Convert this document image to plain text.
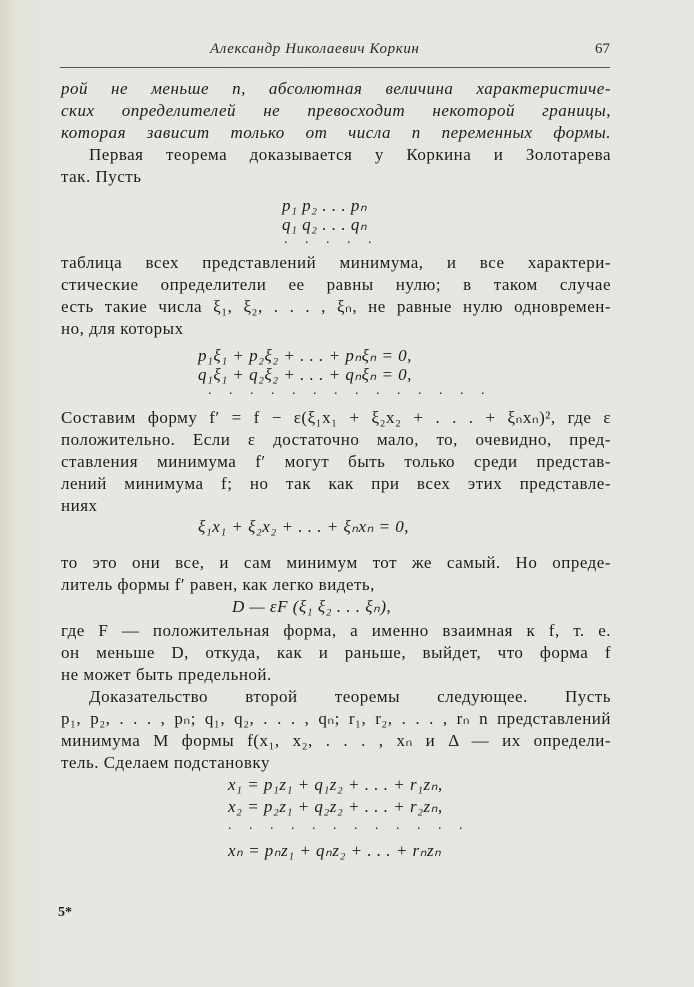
Александр Николаевич Коркин	67
рой не меньше n, абсолютная величина характеристиче-
ских определителей не превосходит некоторой границы,
которая зависит только от числа n переменных формы.
Первая теорема доказывается у Коркина и Золотарева
так. Пусть
p₁ p₂ . . . pₙ
q₁ q₂ . . . qₙ
. . . . .
таблица всех представлений минимума, и все характери-
стические определители ее равны нулю; в таком случае
есть такие числа ξ₁, ξ₂, . . . , ξₙ, не равные нулю одновремен-
но, для которых
p₁ξ₁ + p₂ξ₂ + . . . + pₙξₙ = 0,
q₁ξ₁ + q₂ξ₂ + . . . + qₙξₙ = 0,
. . . . . . . . . . . . . .
Составим форму f′ = f − ε(ξ₁x₁ + ξ₂x₂ + . . . + ξₙxₙ)², где ε
положительно. Если ε достаточно мало, то, очевидно, пред-
ставления минимума f′ могут быть только среди представ-
лений минимума f; но так как при всех этих представле-
ниях
ξ₁x₁ + ξ₂x₂ + . . . + ξₙxₙ = 0,
то это они все, и сам минимум тот же самый. Но опреде-
литель формы f′ равен, как легко видеть,
D — εF (ξ₁ ξ₂ . . . ξₙ),
где F — положительная форма, а именно взаимная к f, т. е.
он меньше D, откуда, как и раньше, выйдет, что форма f
не может быть предельной.
Доказательство второй теоремы следующее. Пусть
p₁, p₂, . . . , pₙ; q₁, q₂, . . . , qₙ; r₁, r₂, . . . , rₙ n представлений
минимума M формы f(x₁, x₂, . . . , xₙ и Δ — их определи-
тель. Сделаем подстановку
x₁ = p₁z₁ + q₁z₂ + . . . + r₁zₙ,
x₂ = p₂z₁ + q₂z₂ + . . . + r₂zₙ,
. . . . . . . . . . . .
xₙ = pₙz₁ + qₙz₂ + . . . + rₙzₙ
5*
